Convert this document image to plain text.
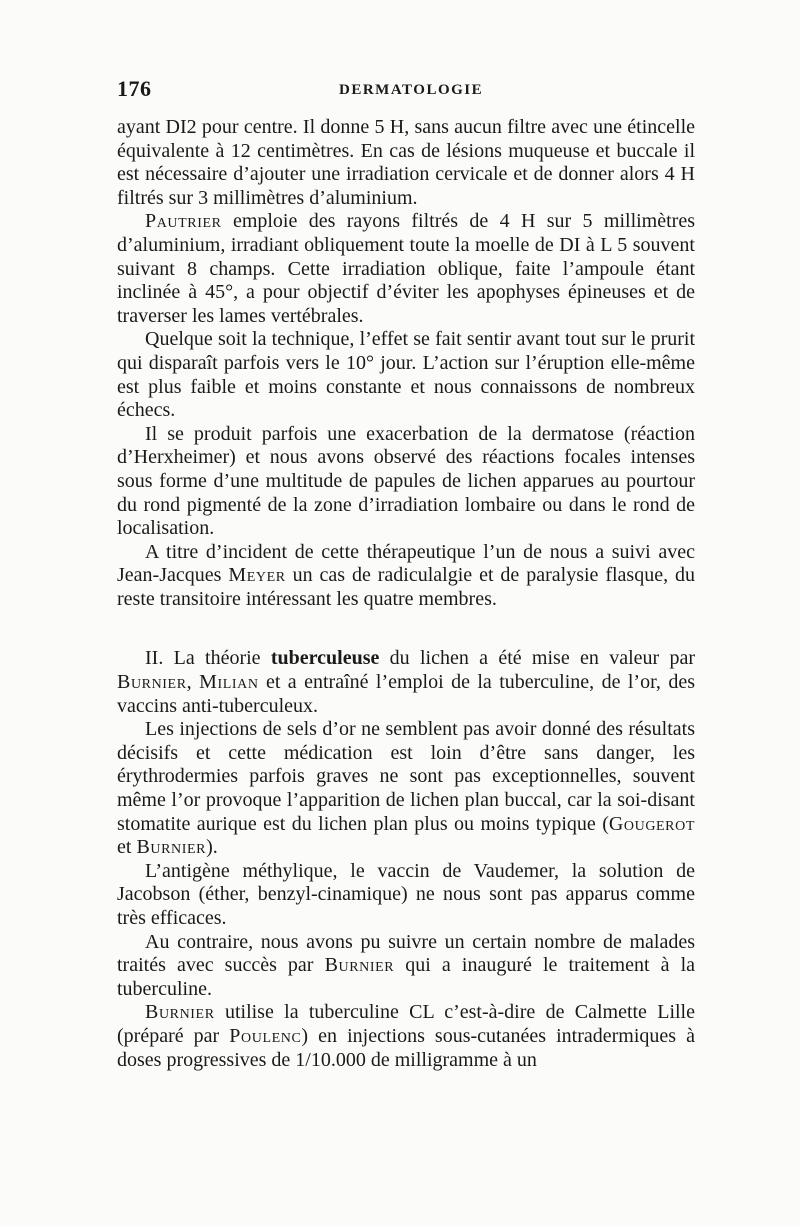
176	DERMATOLOGIE

ayant DI2 pour centre. Il donne 5 H, sans aucun filtre avec une étincelle équivalente à 12 centimètres. En cas de lésions muqueuse et buccale il est nécessaire d’ajouter une irradiation cervicale et de donner alors 4 H filtrés sur 3 millimètres d’aluminium.

Pautrier emploie des rayons filtrés de 4 H sur 5 millimètres d’aluminium, irradiant obliquement toute la moelle de DI à L 5 souvent suivant 8 champs. Cette irradiation oblique, faite l’ampoule étant inclinée à 45°, a pour objectif d’éviter les apophyses épineuses et de traverser les lames vertébrales.

Quelque soit la technique, l’effet se fait sentir avant tout sur le prurit qui disparaît parfois vers le 10° jour. L’action sur l’éruption elle-même est plus faible et moins constante et nous connaissons de nombreux échecs.

Il se produit parfois une exacerbation de la dermatose (réaction d’Herxheimer) et nous avons observé des réactions focales intenses sous forme d’une multitude de papules de lichen apparues au pourtour du rond pigmenté de la zone d’irradiation lombaire ou dans le rond de localisation.

A titre d’incident de cette thérapeutique l’un de nous a suivi avec Jean-Jacques Meyer un cas de radiculalgie et de paralysie flasque, du reste transitoire intéressant les quatre membres.

II. La théorie tuberculeuse du lichen a été mise en valeur par Burnier, Milian et a entraîné l’emploi de la tuberculine, de l’or, des vaccins anti-tuberculeux.

Les injections de sels d’or ne semblent pas avoir donné des résultats décisifs et cette médication est loin d’être sans danger, les érythrodermies parfois graves ne sont pas exceptionnelles, souvent même l’or provoque l’apparition de lichen plan buccal, car la soi-disant stomatite aurique est du lichen plan plus ou moins typique (Gougerot et Burnier).

L’antigène méthylique, le vaccin de Vaudemer, la solution de Jacobson (éther, benzyl-cinamique) ne nous sont pas apparus comme très efficaces.

Au contraire, nous avons pu suivre un certain nombre de malades traités avec succès par Burnier qui a inauguré le traitement à la tuberculine.

Burnier utilise la tuberculine CL c’est-à-dire de Calmette Lille (préparé par Poulenc) en injections sous-cutanées intradermiques à doses progressives de 1/10.000 de milligramme à un
